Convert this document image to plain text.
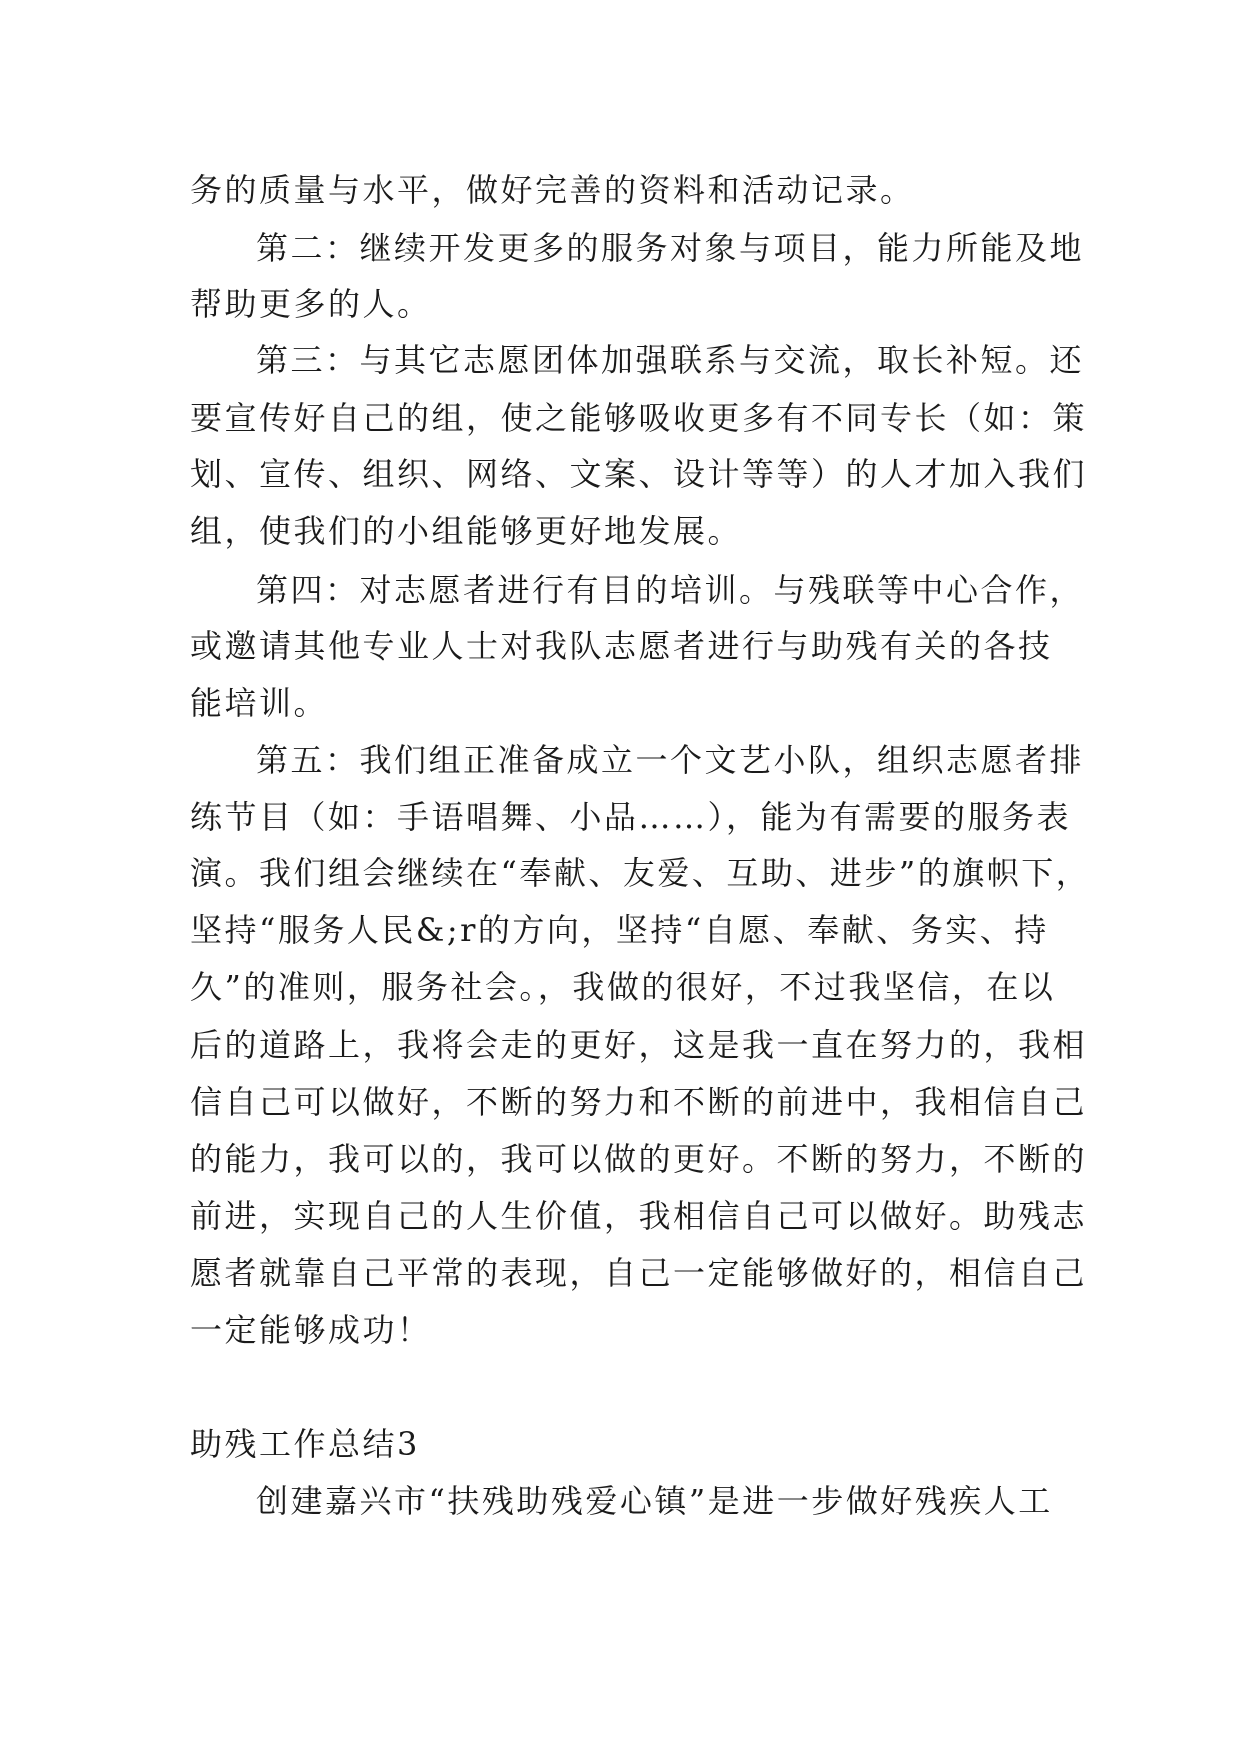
务的质量与水平，做好完善的资料和活动记录。
第二：继续开发更多的服务对象与项目，能力所能及地
帮助更多的人。
第三：与其它志愿团体加强联系与交流，取长补短。还
要宣传好自己的组，使之能够吸收更多有不同专长（如：策
划、宣传、组织、网络、文案、设计等等）的人才加入我们
组，使我们的小组能够更好地发展。
第四：对志愿者进行有目的培训。与残联等中心合作，
或邀请其他专业人士对我队志愿者进行与助残有关的各技
能培训。
第五：我们组正准备成立一个文艺小队，组织志愿者排
练节目（如：手语唱舞、小品……），能为有需要的服务表
演。我们组会继续在“奉献、友爱、互助、进步”的旗帜下，
坚持“服务人民&;r的方向，坚持“自愿、奉献、务实、持
久”的准则，服务社会。，我做的很好，不过我坚信，在以
后的道路上，我将会走的更好，这是我一直在努力的，我相
信自己可以做好，不断的努力和不断的前进中，我相信自己
的能力，我可以的，我可以做的更好。不断的努力，不断的
前进，实现自己的人生价值，我相信自己可以做好。助残志
愿者就靠自己平常的表现，自己一定能够做好的，相信自己
一定能够成功！
助残工作总结3
创建嘉兴市“扶残助残爱心镇”是进一步做好残疾人工
